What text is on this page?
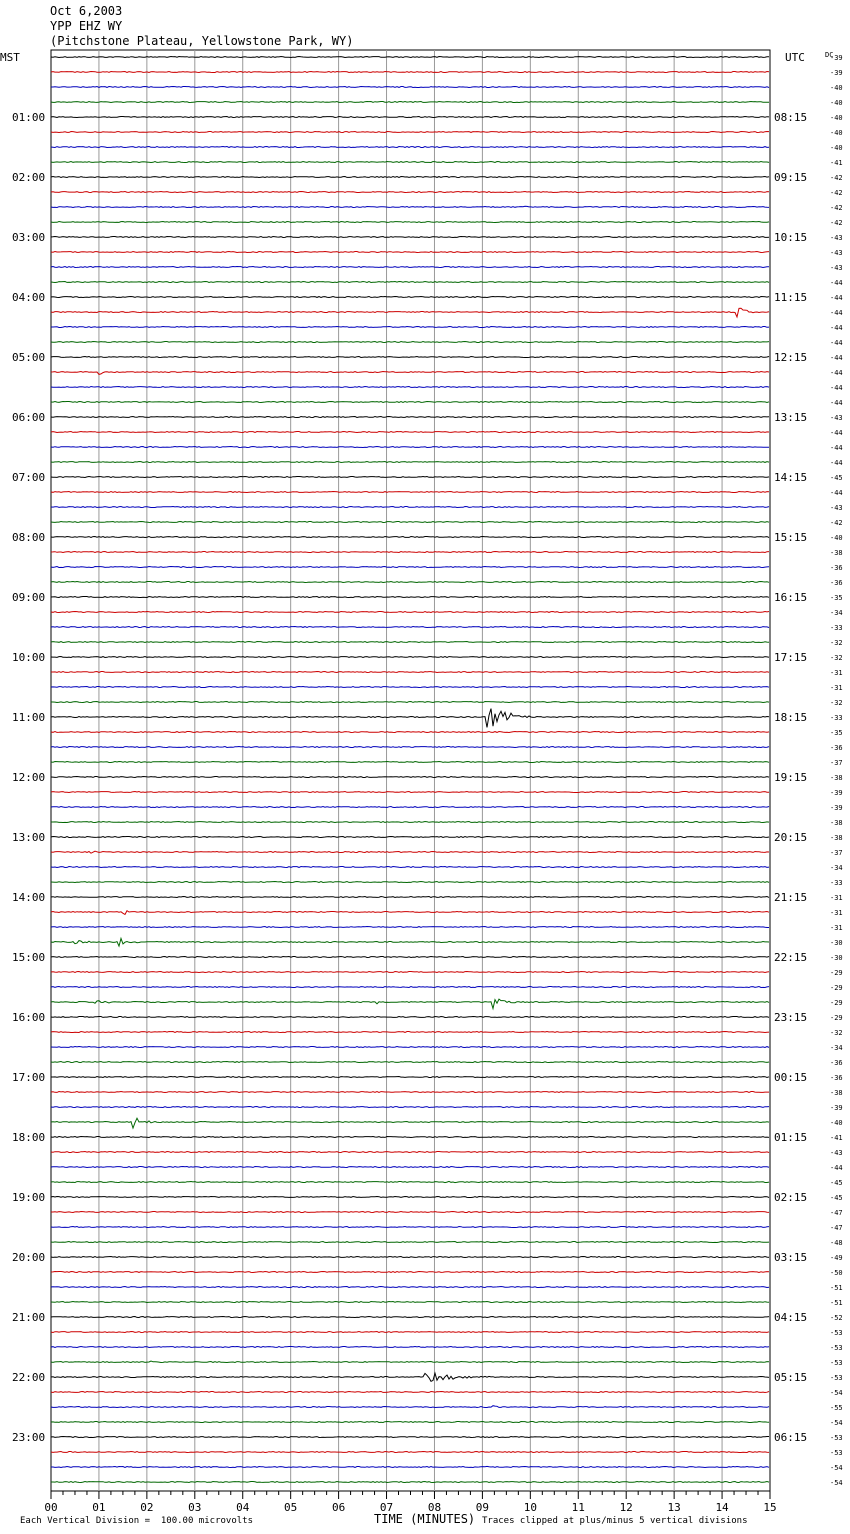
Oct 6,2003
YPP EHZ WY
(Pitchstone Plateau, Yellowstone Park, WY)
00	01	02	03	04	05	06	07	08	09	10	11	12	13	14	15
01:00
02:00
03:00
04:00
05:00
06:00
07:00
08:00
09:00
10:00
11:00
12:00
13:00
14:00
15:00
16:00
17:00
18:00
19:00
20:00
21:00
22:00
23:00
08:15
09:15
10:15
11:15
12:15
13:15
14:15
15:15
16:15
17:15
18:15
19:15
20:15
21:15
22:15
23:15
00:15
01:15
02:15
03:15
04:15
05:15
06:15
-39
-39
-40
-40
-40
-40
-40
-41
-42
-42
-42
-42
-43
-43
-43
-44
-44
-44
-44
-44
-44
-44
-44
-44
-43
-44
-44
-44
-45
-44
-43
-42
-40
-38
-36
-36
-35
-34
-33
-32
-32
-31
-31
-32
-33
-35
-36
-37
-38
-39
-39
-38
-38
-37
-34
-33
-31
-31
-31
-30
-30
-29
-29
-29
-29
-32
-34
-36
-36
-38
-39
-40
-41
-43
-44
-45
-45
-47
-47
-48
-49
-50
-51
-51
-52
-53
-53
-53
-53
-54
-55
-54
-53
-53
-54
-54
MST	UTC	DC
Each Vertical Division =  100.00 microvolts	TIME (MINUTES) Traces clipped at plus/minus 5 vertical divisions
